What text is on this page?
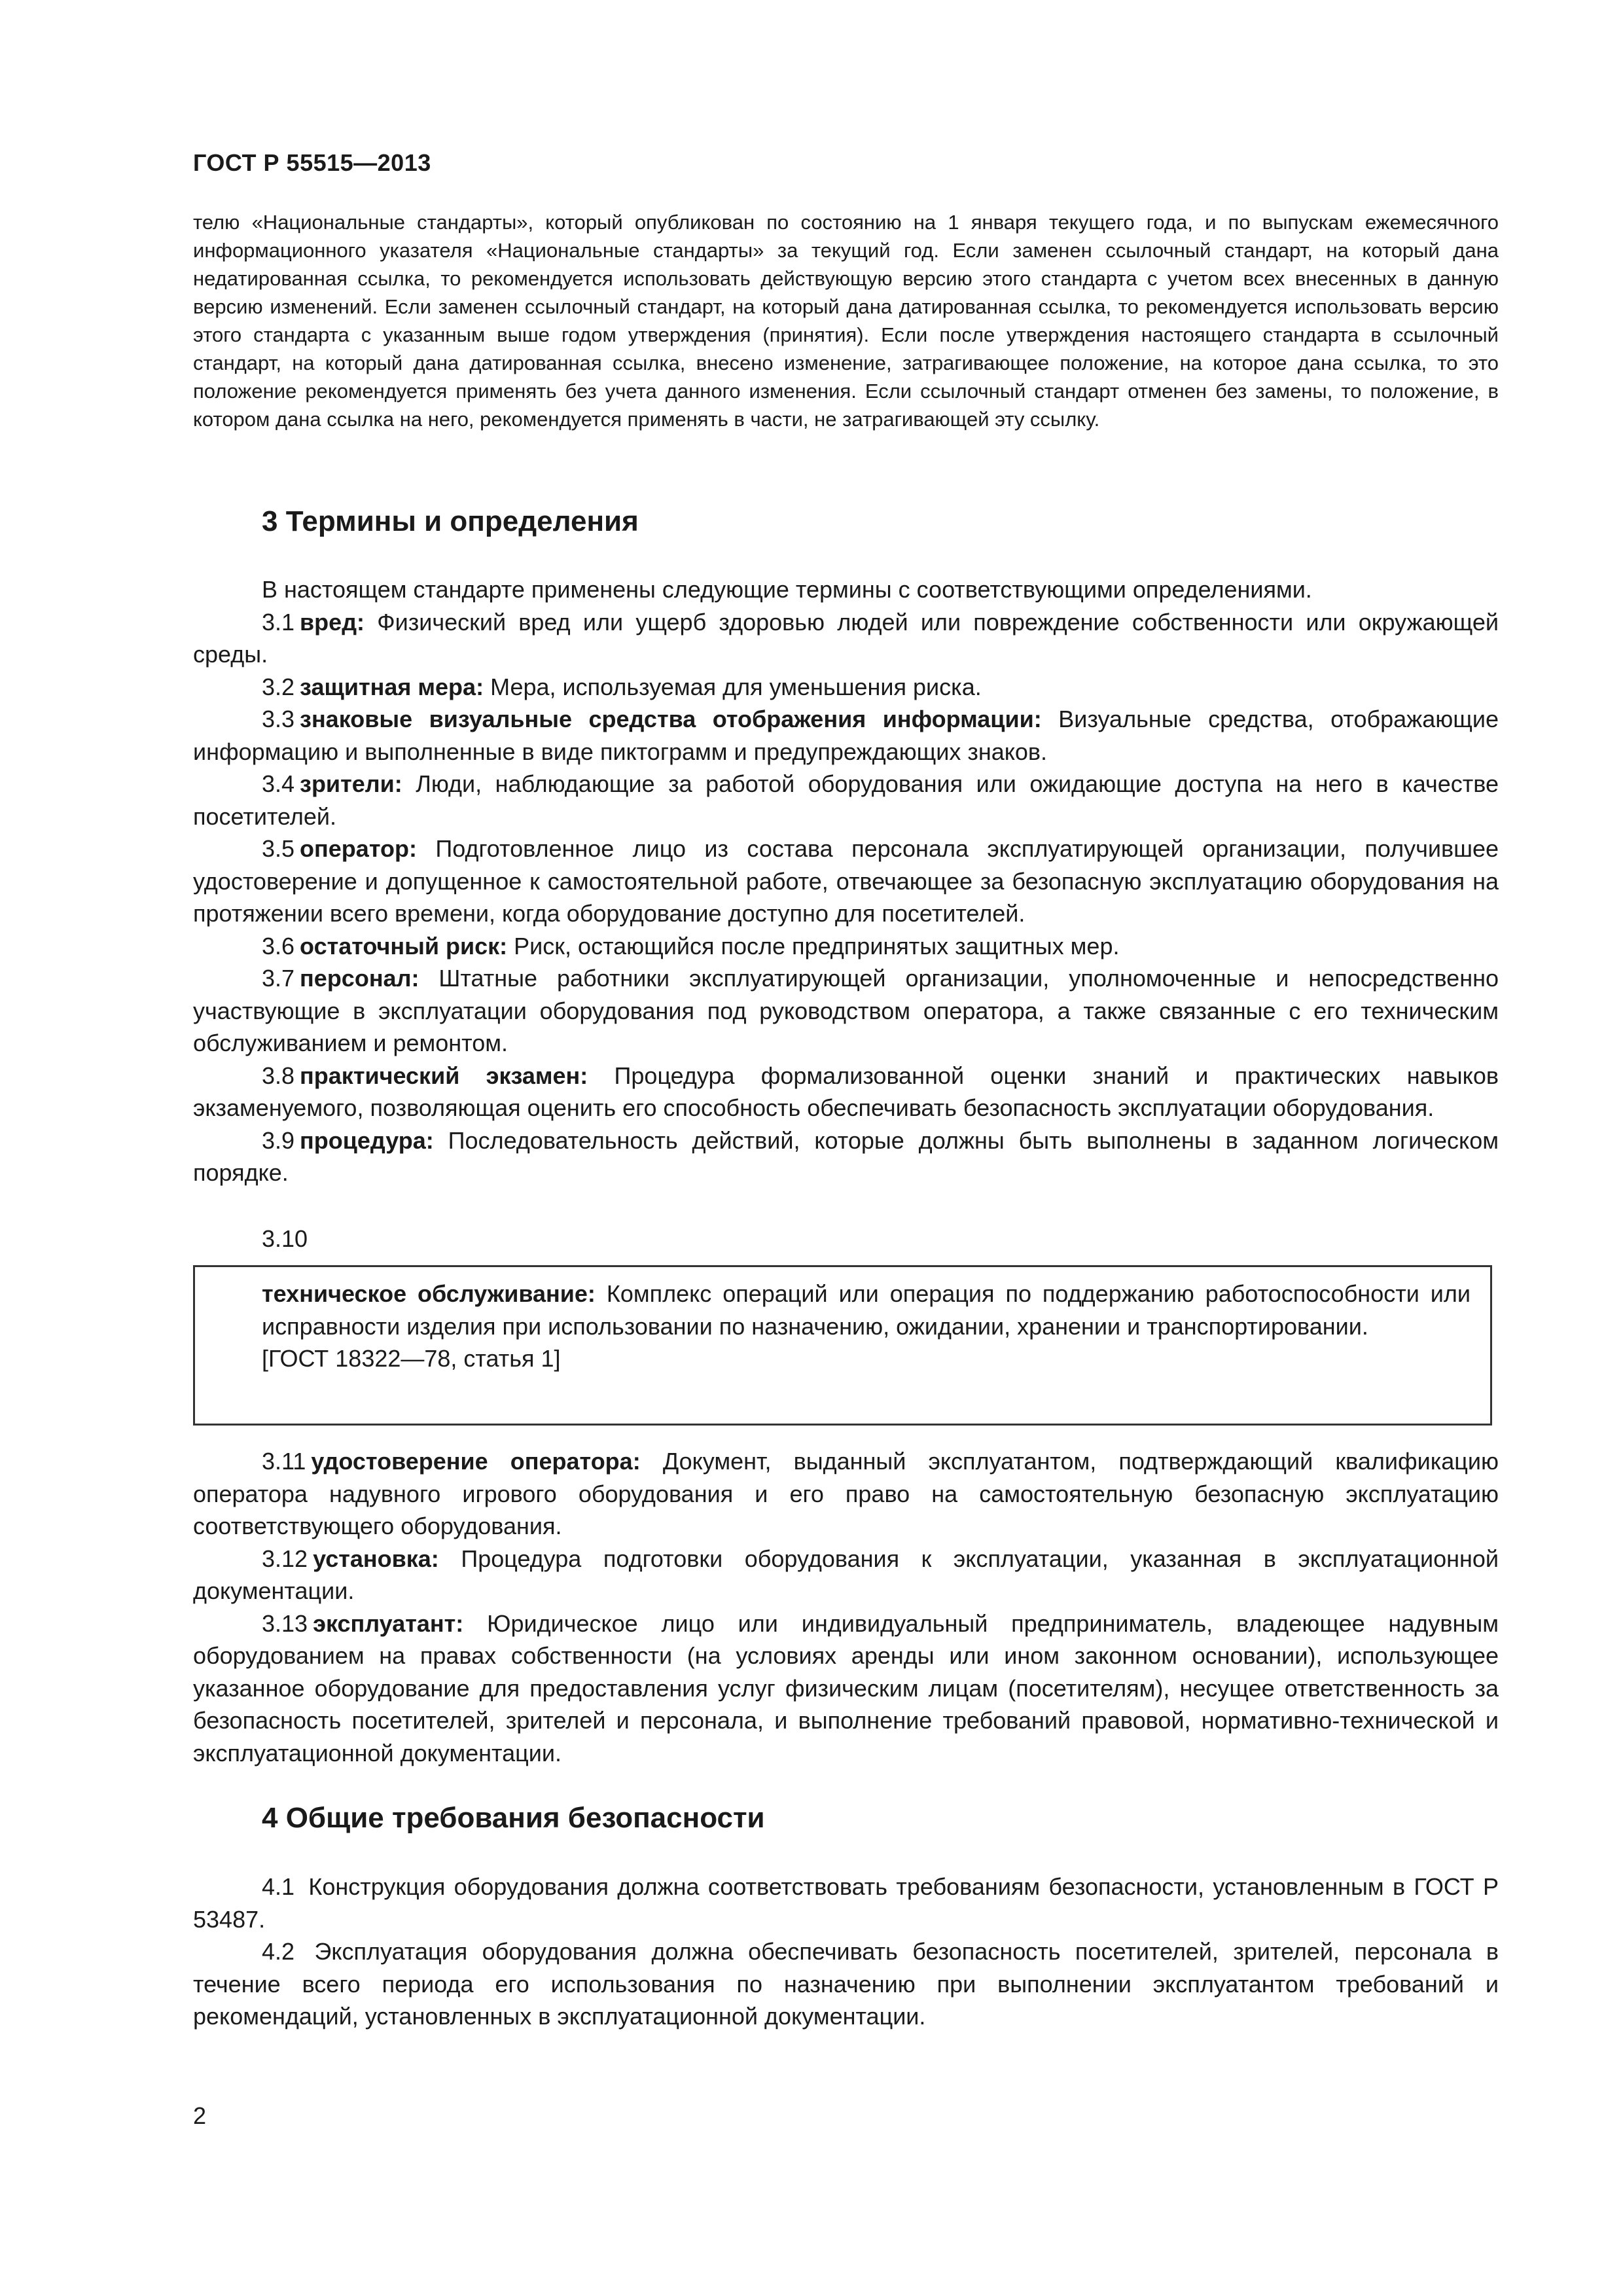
ГОСТ Р 55515—2013

телю «Национальные стандарты», который опубликован по состоянию на 1 января текущего года, и по выпускам ежемесячного информационного указателя «Национальные стандарты» за текущий год. Если заменен ссылочный стандарт, на который дана недатированная ссылка, то рекомендуется использовать действующую версию этого стандарта с учетом всех внесенных в данную версию изменений. Если заменен ссылочный стандарт, на который дана датированная ссылка, то рекомендуется использовать версию этого стандарта с указанным выше годом утверждения (принятия). Если после утверждения настоящего стандарта в ссылочный стандарт, на который дана датированная ссылка, внесено изменение, затрагивающее положение, на которое дана ссылка, то это положение рекомендуется применять без учета данного изменения. Если ссылочный стандарт отменен без замены, то положение, в котором дана ссылка на него, рекомендуется применять в части, не затрагивающей эту ссылку.

3 Термины и определения

В настоящем стандарте применены следующие термины с соответствующими определениями.

3.1 вред: Физический вред или ущерб здоровью людей или повреждение собственности или окружающей среды.

3.2 защитная мера: Мера, используемая для уменьшения риска.

3.3 знаковые визуальные средства отображения информации: Визуальные средства, отображающие информацию и выполненные в виде пиктограмм и предупреждающих знаков.

3.4 зрители: Люди, наблюдающие за работой оборудования или ожидающие доступа на него в качестве посетителей.

3.5 оператор: Подготовленное лицо из состава персонала эксплуатирующей организации, получившее удостоверение и допущенное к самостоятельной работе, отвечающее за безопасную эксплуатацию оборудования на протяжении всего времени, когда оборудование доступно для посетителей.

3.6 остаточный риск: Риск, остающийся после предпринятых защитных мер.

3.7 персонал: Штатные работники эксплуатирующей организации, уполномоченные и непосредственно участвующие в эксплуатации оборудования под руководством оператора, а также связанные с его техническим обслуживанием и ремонтом.

3.8 практический экзамен: Процедура формализованной оценки знаний и практических навыков экзаменуемого, позволяющая оценить его способность обеспечивать безопасность эксплуатации оборудования.

3.9 процедура: Последовательность действий, которые должны быть выполнены в заданном логическом порядке.

3.10

техническое обслуживание: Комплекс операций или операция по поддержанию работоспособности или исправности изделия при использовании по назначению, ожидании, хранении и транспортировании.

[ГОСТ 18322—78, статья 1]

3.11 удостоверение оператора: Документ, выданный эксплуатантом, подтверждающий квалификацию оператора надувного игрового оборудования и его право на самостоятельную безопасную эксплуатацию соответствующего оборудования.

3.12 установка: Процедура подготовки оборудования к эксплуатации, указанная в эксплуатационной документации.

3.13 эксплуатант: Юридическое лицо или индивидуальный предприниматель, владеющее надувным оборудованием на правах собственности (на условиях аренды или ином законном основании), использующее указанное оборудование для предоставления услуг физическим лицам (посетителям), несущее ответственность за безопасность посетителей, зрителей и персонала, и выполнение требований правовой, нормативно-технической и эксплуатационной документации.

4 Общие требования безопасности

4.1 Конструкция оборудования должна соответствовать требованиям безопасности, установленным в ГОСТ Р 53487.

4.2 Эксплуатация оборудования должна обеспечивать безопасность посетителей, зрителей, персонала в течение всего периода его использования по назначению при выполнении эксплуатантом требований и рекомендаций, установленных в эксплуатационной документации.

2
